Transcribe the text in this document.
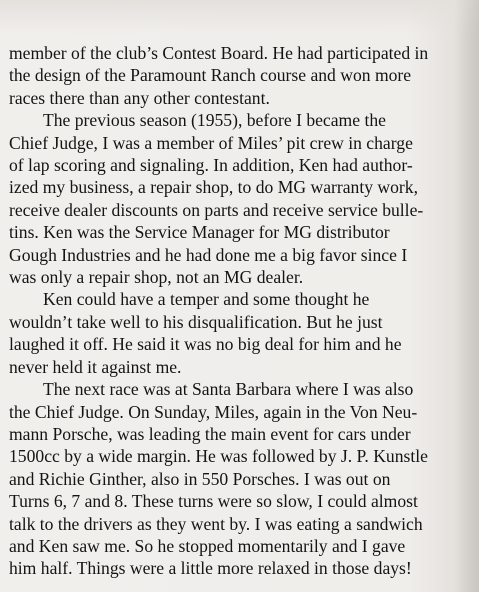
member of the club’s Contest Board. He had participated in
the design of the Paramount Ranch course and won more
races there than any other contestant.
The previous season (1955), before I became the
Chief Judge, I was a member of Miles’ pit crew in charge
of lap scoring and signaling. In addition, Ken had author-
ized my business, a repair shop, to do MG warranty work,
receive dealer discounts on parts and receive service bulle-
tins. Ken was the Service Manager for MG distributor
Gough Industries and he had done me a big favor since I
was only a repair shop, not an MG dealer.
Ken could have a temper and some thought he
wouldn’t take well to his disqualification. But he just
laughed it off. He said it was no big deal for him and he
never held it against me.
The next race was at Santa Barbara where I was also
the Chief Judge. On Sunday, Miles, again in the Von Neu-
mann Porsche, was leading the main event for cars under
1500cc by a wide margin. He was followed by J. P. Kunstle
and Richie Ginther, also in 550 Porsches. I was out on
Turns 6, 7 and 8. These turns were so slow, I could almost
talk to the drivers as they went by. I was eating a sandwich
and Ken saw me. So he stopped momentarily and I gave
him half. Things were a little more relaxed in those days!
